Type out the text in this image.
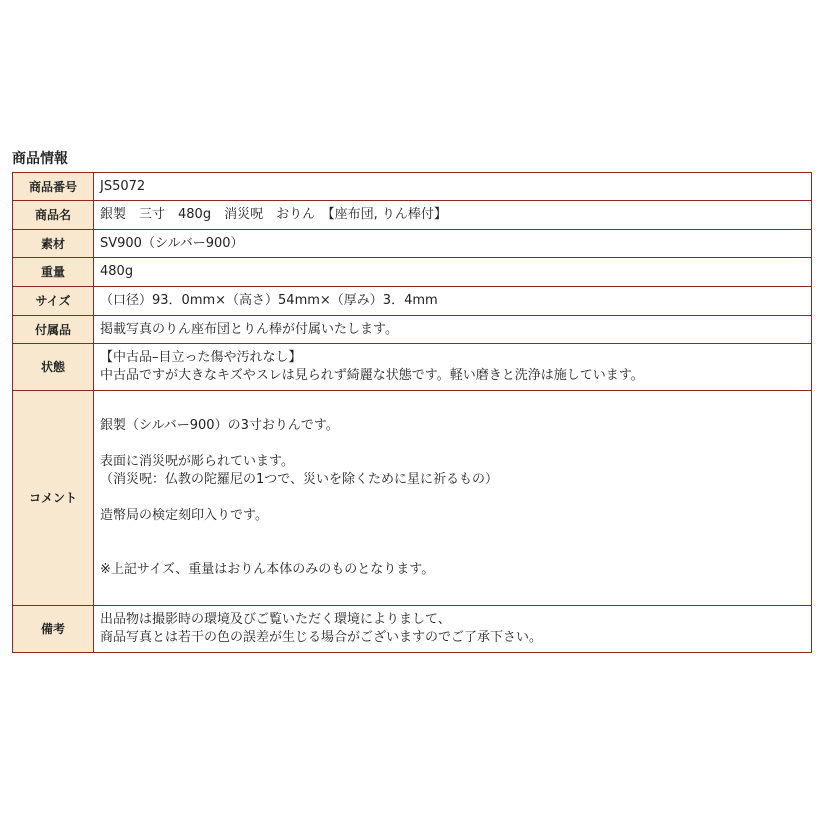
商品情報
商品番号	JS5072
商品名	銀製　三寸　480g　消災呪　おりん　【座布団, りん棒付】
素材	SV900（シルバー900）
重量	480g
サイズ	（口径）93．0mm×（高さ）54mm×（厚み）3．4mm
付属品	掲載写真のりん座布団とりん棒が付属いたします。
状態	【中古品–目立った傷や汚れなし】
中古品ですが大きなキズやスレは見られず綺麗な状態です。軽い磨きと洗浄は施しています。

コメント	銀製（シルバー900）の3寸おりんです。
表面に消災呪が彫られています。
（消災呪：仏教の陀羅尼の1つで、災いを除くために星に祈るもの）
造幣局の検定刻印入りです。
※上記サイズ、重量はおりん本体のみのものとなります。

備考	出品物は撮影時の環境及びご覧いただく環境によりまして、
商品写真とは若干の色の誤差が生じる場合がございますのでご了承下さい。
